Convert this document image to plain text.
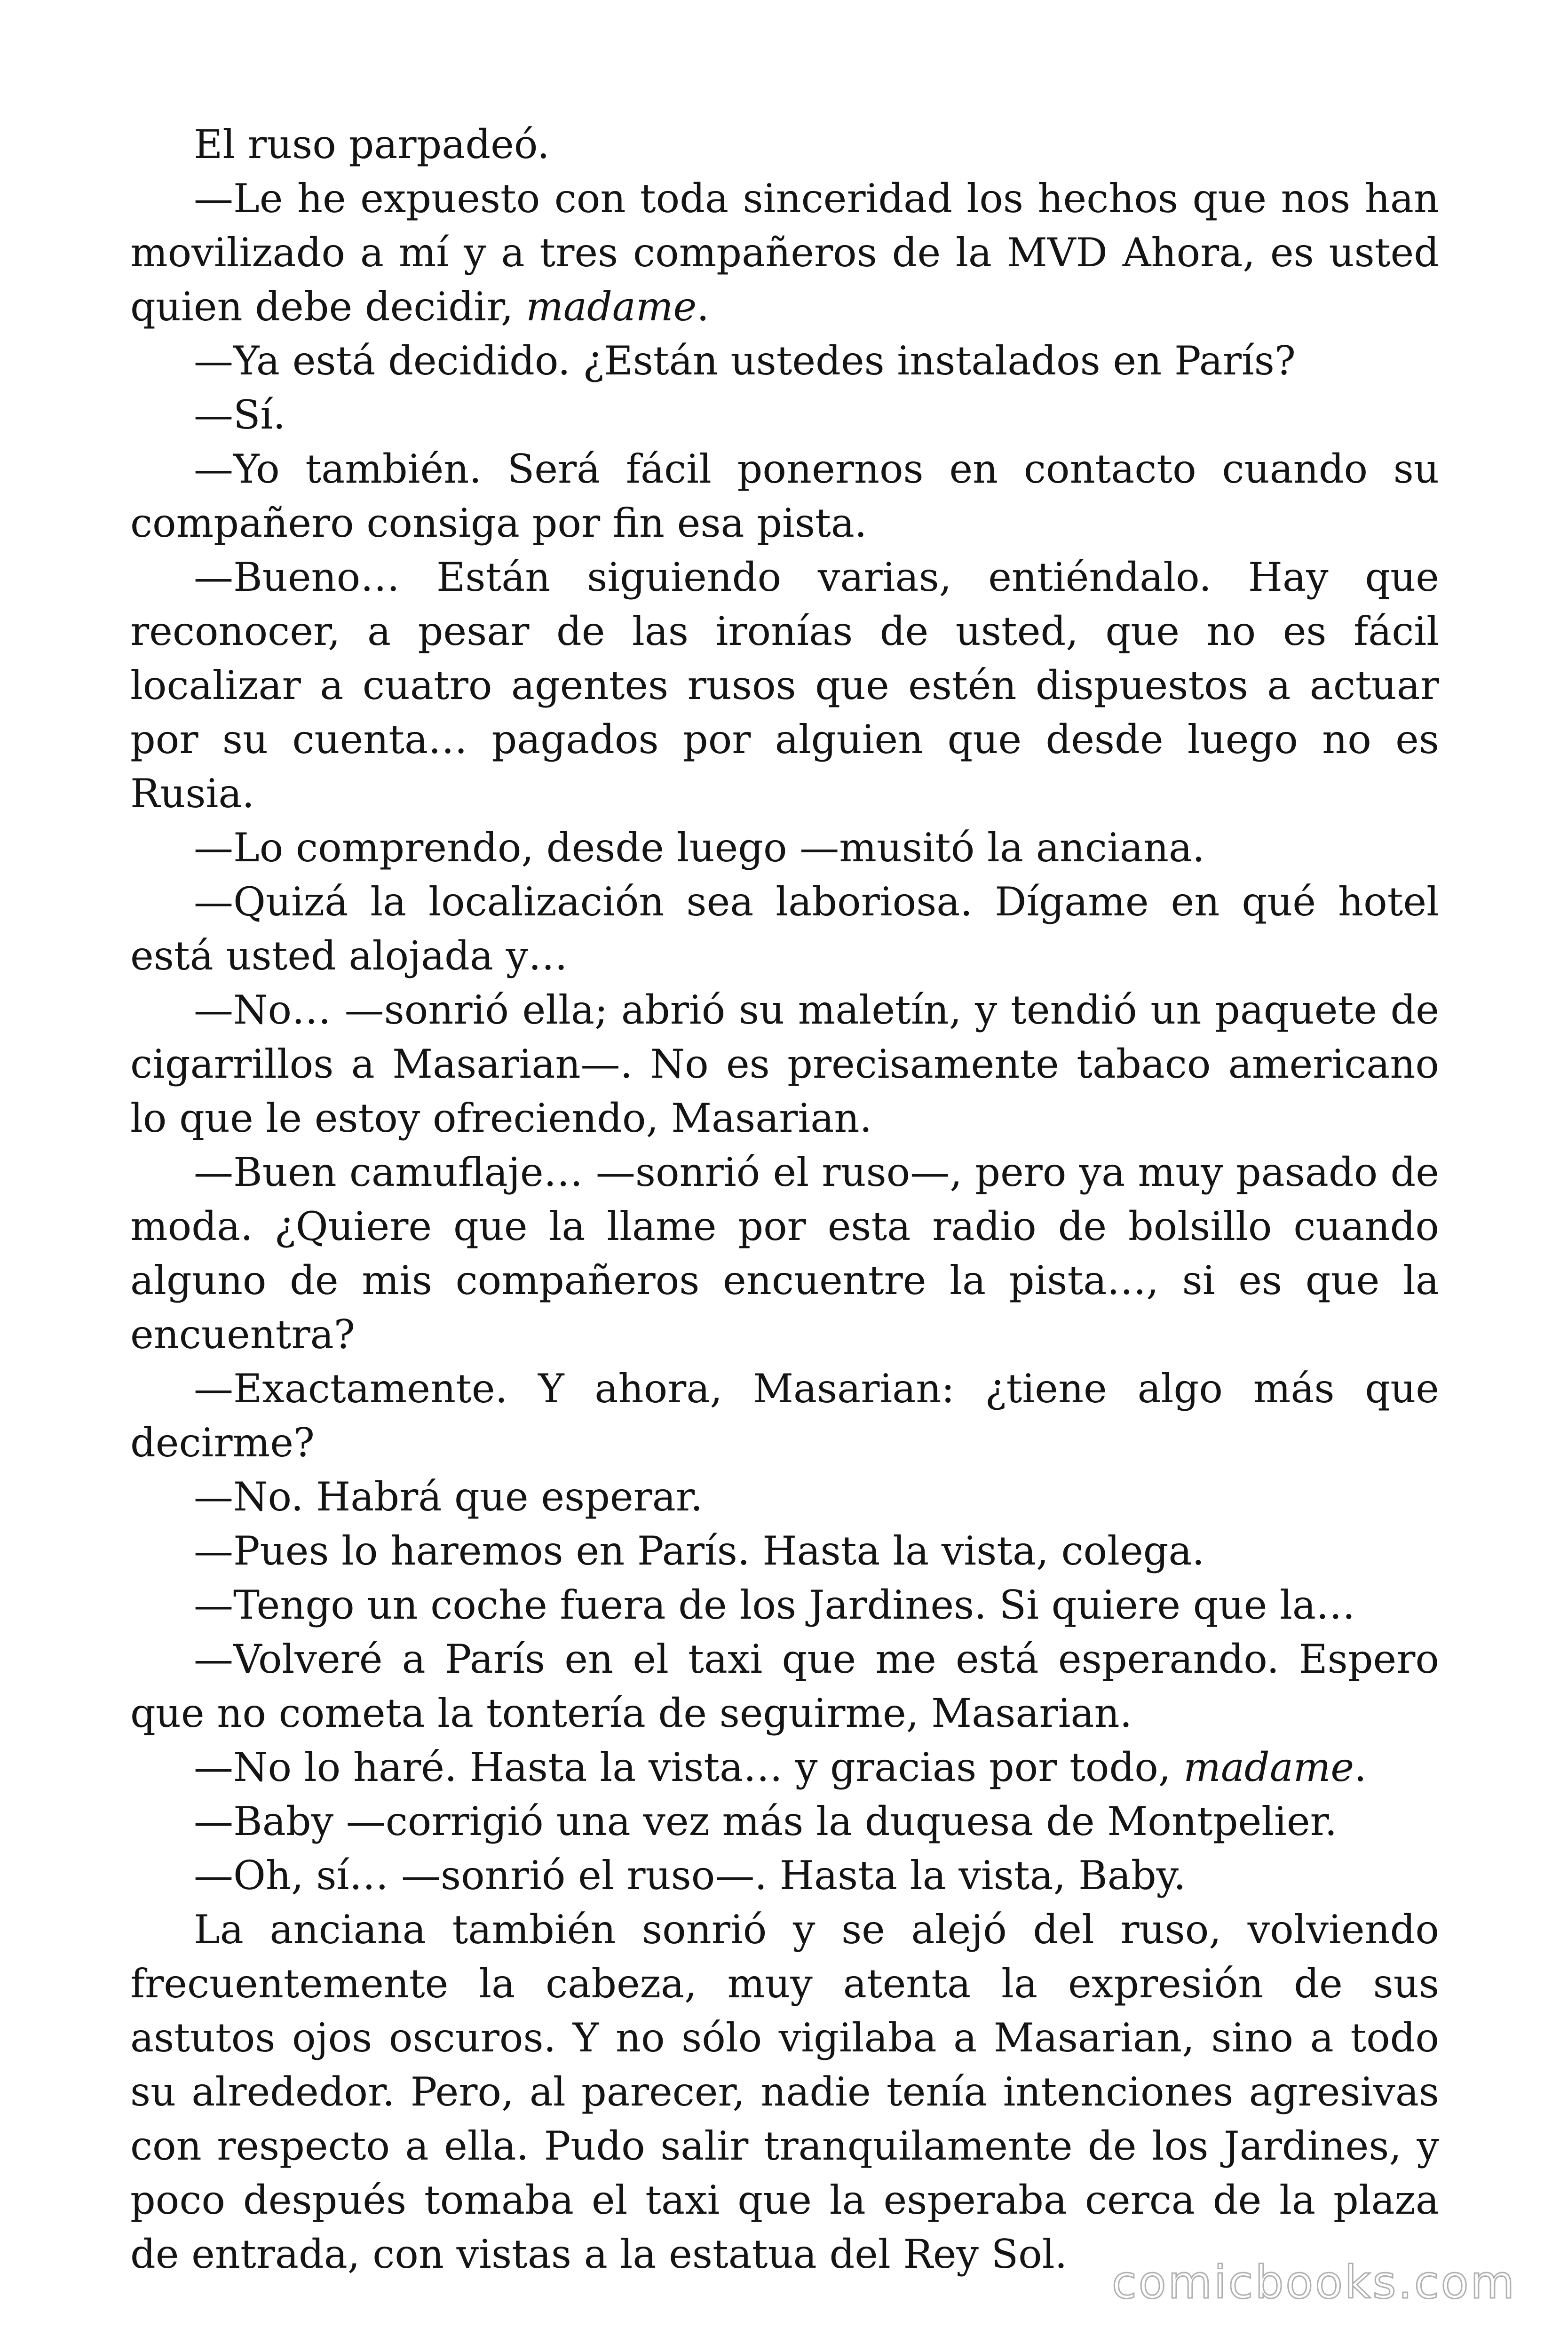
El ruso parpadeó.

—Le he expuesto con toda sinceridad los hechos que nos han movilizado a mí y a tres compañeros de la MVD Ahora, es usted quien debe decidir, madame.

—Ya está decidido. ¿Están ustedes instalados en París?

—Sí.

—Yo también. Será fácil ponernos en contacto cuando su compañero consiga por fin esa pista.

—Bueno… Están siguiendo varias, entiéndalo. Hay que reconocer, a pesar de las ironías de usted, que no es fácil localizar a cuatro agentes rusos que estén dispuestos a actuar por su cuenta… pagados por alguien que desde luego no es Rusia.

—Lo comprendo, desde luego —musitó la anciana.

—Quizá la localización sea laboriosa. Dígame en qué hotel está usted alojada y…

—No… —sonrió ella; abrió su maletín, y tendió un paquete de cigarrillos a Masarian—. No es precisamente tabaco americano lo que le estoy ofreciendo, Masarian.

—Buen camuflaje… —sonrió el ruso—, pero ya muy pasado de moda. ¿Quiere que la llame por esta radio de bolsillo cuando alguno de mis compañeros encuentre la pista…, si es que la encuentra?

—Exactamente. Y ahora, Masarian: ¿tiene algo más que decirme?

—No. Habrá que esperar.

—Pues lo haremos en París. Hasta la vista, colega.

—Tengo un coche fuera de los Jardines. Si quiere que la…

—Volveré a París en el taxi que me está esperando. Espero que no cometa la tontería de seguirme, Masarian.

—No lo haré. Hasta la vista… y gracias por todo, madame.

—Baby —corrigió una vez más la duquesa de Montpelier.

—Oh, sí… —sonrió el ruso—. Hasta la vista, Baby.

La anciana también sonrió y se alejó del ruso, volviendo frecuentemente la cabeza, muy atenta la expresión de sus astutos ojos oscuros. Y no sólo vigilaba a Masarian, sino a todo su alrededor. Pero, al parecer, nadie tenía intenciones agresivas con respecto a ella. Pudo salir tranquilamente de los Jardines, y poco después tomaba el taxi que la esperaba cerca de la plaza de entrada, con vistas a la estatua del Rey Sol.

comicbooks.com
